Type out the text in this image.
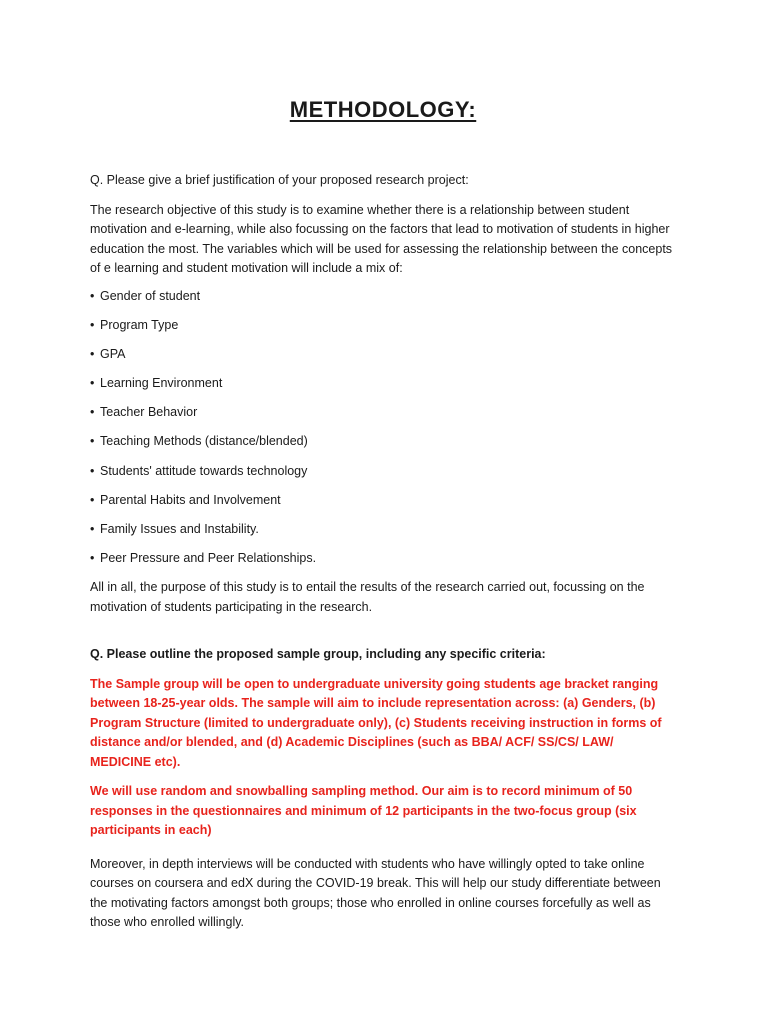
METHODOLOGY:

Q. Please give a brief justification of your proposed research project:

The research objective of this study is to examine whether there is a relationship between student motivation and e-learning, while also focussing on the factors that lead to motivation of students in higher education the most. The variables which will be used for assessing the relationship between the concepts of e learning and student motivation will include a mix of:

• Gender of student
• Program Type
• GPA
• Learning Environment
• Teacher Behavior
• Teaching Methods (distance/blended)
• Students' attitude towards technology
• Parental Habits and Involvement
• Family Issues and Instability.
• Peer Pressure and Peer Relationships.

All in all, the purpose of this study is to entail the results of the research carried out, focussing on the motivation of students participating in the research.

Q. Please outline the proposed sample group, including any specific criteria:

The Sample group will be open to undergraduate university going students age bracket ranging between 18-25-year olds. The sample will aim to include representation across: (a) Genders, (b) Program Structure (limited to undergraduate only), (c) Students receiving instruction in forms of distance and/or blended, and (d) Academic Disciplines (such as BBA/ ACF/ SS/CS/ LAW/ MEDICINE etc).

We will use random and snowballing sampling method. Our aim is to record minimum of 50 responses in the questionnaires and minimum of 12 participants in the two-focus group (six participants in each)

Moreover, in depth interviews will be conducted with students who have willingly opted to take online courses on coursera and edX during the COVID-19 break. This will help our study differentiate between the motivating factors amongst both groups; those who enrolled in online courses forcefully as well as those who enrolled willingly.
